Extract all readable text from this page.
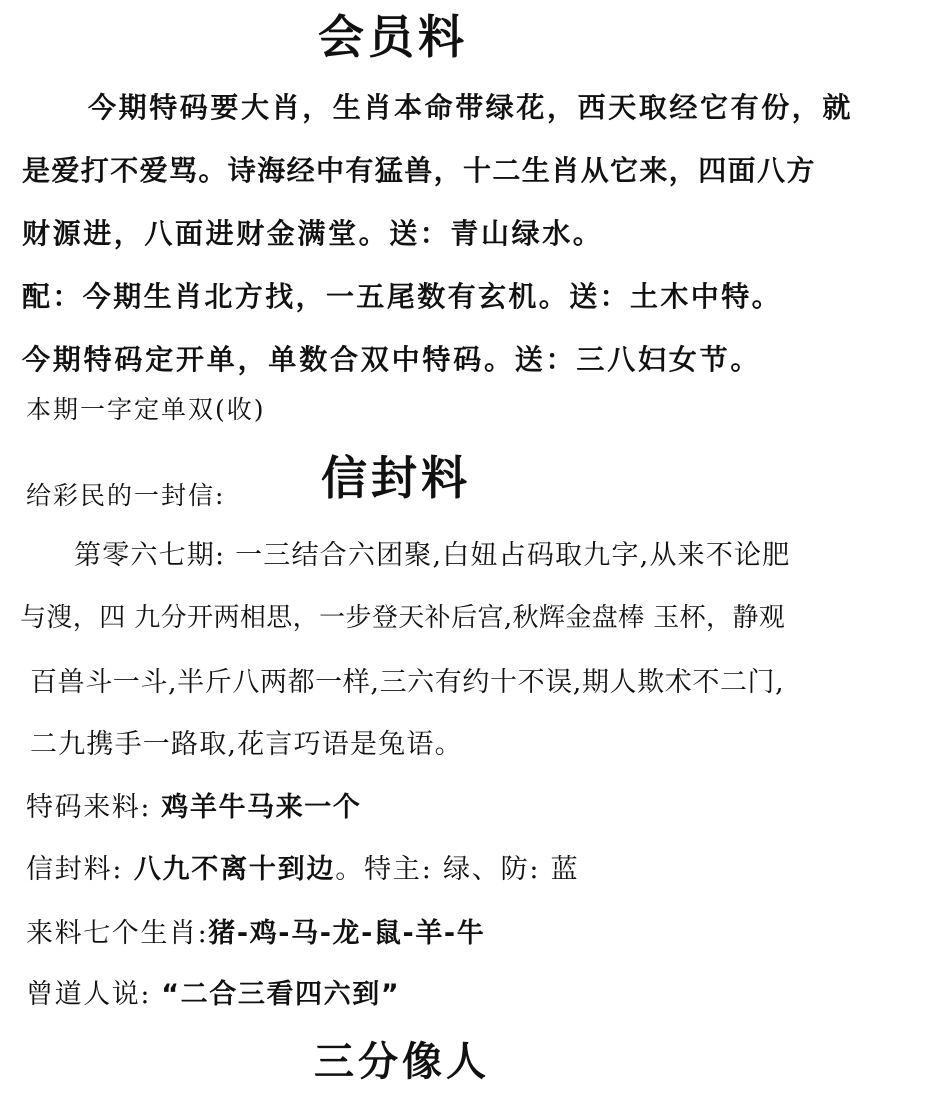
会员料
今期特码要大肖，生肖本命带绿花，西天取经它有份，就
是爱打不爱骂。诗海经中有猛兽，十二生肖从它来，四面八方
财源进，八面进财金满堂。送：青山绿水。
配：今期生肖北方找，一五尾数有玄机。送：土木中特。
今期特码定开单，单数合双中特码。送：三八妇女节。
本期一字定单双(收)
给彩民的一封信: 信封料
第零六七期: 一三结合六团聚,白妞占码取九字,从来不论肥
与溲，四 九分开两相思，一步登天补后宫,秋辉金盘棒 玉杯，静观
百兽斗一斗,半斤八两都一样,三六有约十不误,期人欺术不二门,
二九携手一路取,花言巧语是兔语。
特码来料: 鸡羊牛马来一个
信封料: 八九不离十到边。特主: 绿、防: 蓝
来料七个生肖:猪-鸡-马-龙-鼠-羊-牛
曾道人说: “二合三看四六到”
三分像人
